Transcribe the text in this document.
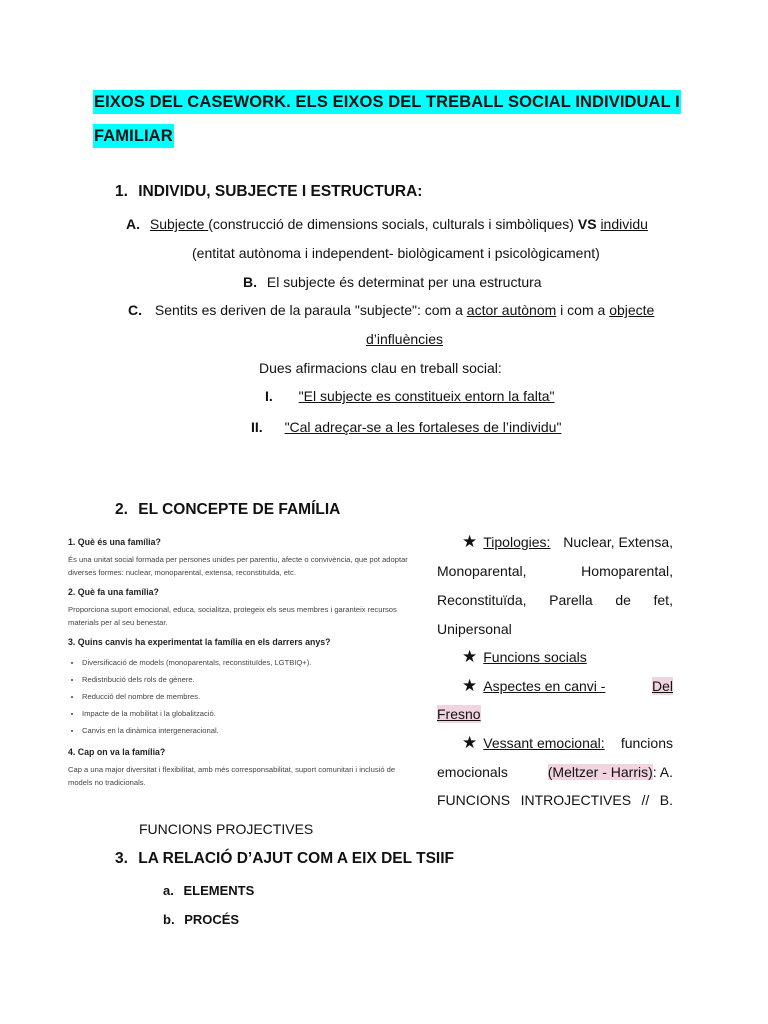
EIXOS DEL CASEWORK. ELS EIXOS DEL TREBALL SOCIAL INDIVIDUAL I
FAMILIAR
1. INDIVIDU, SUBJECTE I ESTRUCTURA:
A. Subjecte (construcció de dimensions socials, culturals i simbòliques) VS individu
(entitat autònoma i independent- biològicament i psicològicament)
B. El subjecte és determinat per una estructura
C. Sentits es deriven de la paraula "subjecte": com a actor autònom i com a objecte
d’influències
Dues afirmacions clau en treball social:
I. "El subjecte es constitueix entorn la falta"
II. "Cal adreçar-se a les fortaleses de l’individu"
2. EL CONCEPTE DE FAMÍLIA

1. Què és una família?

És una unitat social formada per persones unides per parentiu, afecte o convivència, que pot adoptar diverses formes: nuclear, monoparental, extensa, reconstituïda, etc.

2. Què fa una família?

Proporciona suport emocional, educa, socialitza, protegeix els seus membres i garanteix recursos materials per al seu benestar.

3. Quins canvis ha experimentat la família en els darrers anys?

• Diversificació de models (monoparentals, reconstituïdes, LGTBIQ+).
• Redistribució dels rols de gènere.
• Reducció del nombre de membres.
• Impacte de la mobilitat i la globalització.
• Canvis en la dinàmica intergeneracional.

4. Cap on va la família?

Cap a una major diversitat i flexibilitat, amb més corresponsabilitat, suport comunitari i inclusió de models no tradicionals.

★ Tipologies: Nuclear, Extensa,
Monoparental,	Homoparental,
Reconstituïda, Parella de fet,
Unipersonal
★ Funcions socials
★ Aspectes en canvi -	Del
Fresno
★ Vessant emocional: funcions
emocionals	(Meltzer - Harris): A.
FUNCIONS INTROJECTIVES // B.
FUNCIONS PROJECTIVES
3. LA RELACIÓ D’AJUT COM A EIX DEL TSIIF
a. ELEMENTS
b. PROCÉS
